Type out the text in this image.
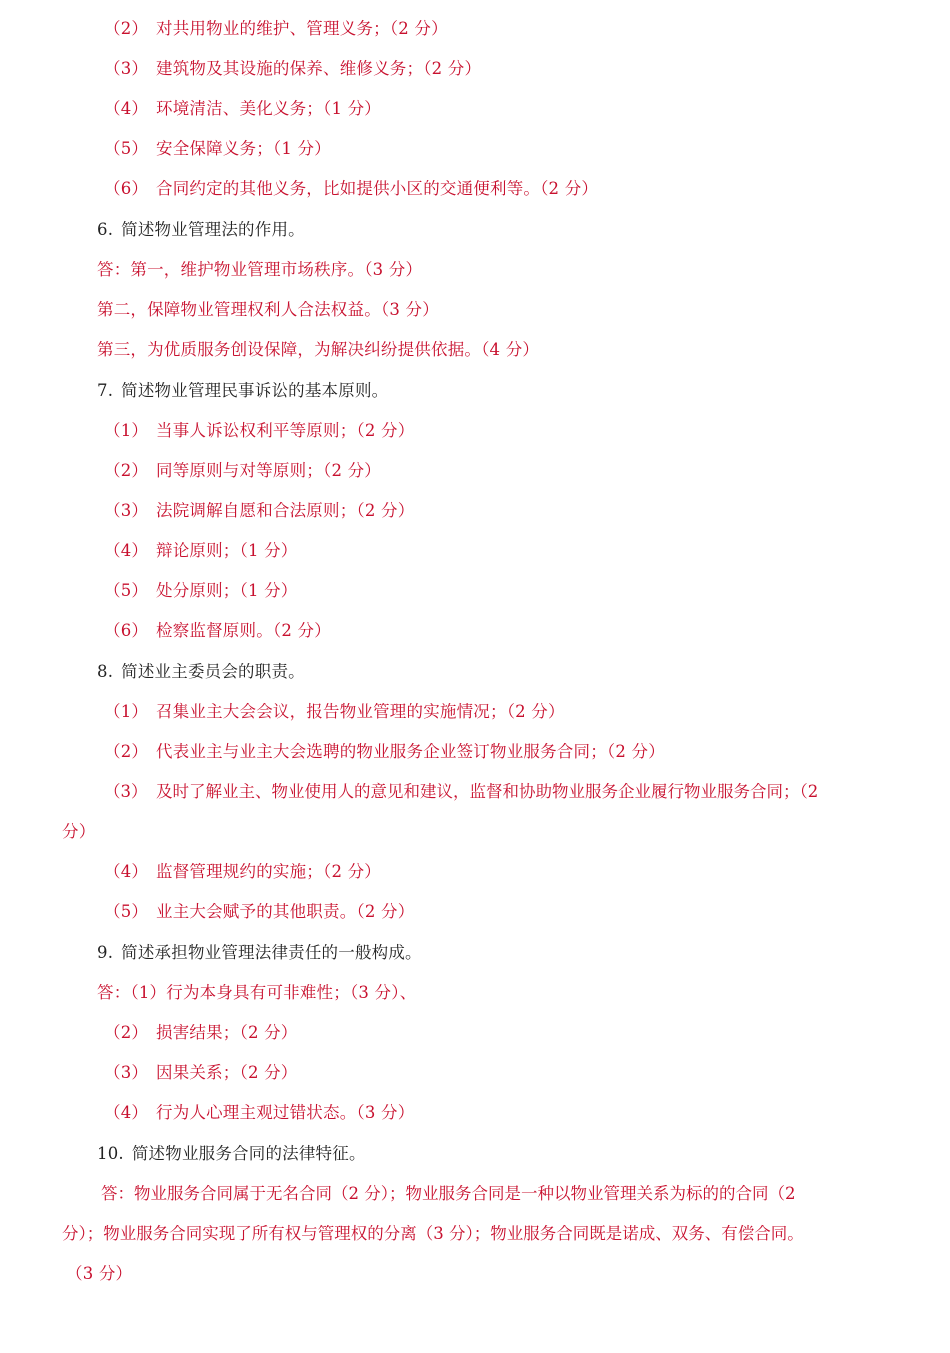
（2） 对共用物业的维护、管理义务；（2 分）
（3） 建筑物及其设施的保养、维修义务；（2 分）
（4） 环境清洁、美化义务；（1 分）
（5） 安全保障义务；（1 分）
（6） 合同约定的其他义务，比如提供小区的交通便利等。（2 分）
6. 简述物业管理法的作用。
答：第一，维护物业管理市场秩序。（3 分）
第二，保障物业管理权利人合法权益。（3 分）
第三，为优质服务创设保障，为解决纠纷提供依据。（4 分）
7. 简述物业管理民事诉讼的基本原则。
（1） 当事人诉讼权利平等原则；（2 分）
（2） 同等原则与对等原则；（2 分）
（3） 法院调解自愿和合法原则；（2 分）
（4） 辩论原则；（1 分）
（5） 处分原则；（1 分）
（6） 检察监督原则。（2 分）
8. 简述业主委员会的职责。
（1） 召集业主大会会议，报告物业管理的实施情况；（2 分）
（2） 代表业主与业主大会选聘的物业服务企业签订物业服务合同；（2 分）
（3） 及时了解业主、物业使用人的意见和建议，监督和协助物业服务企业履行物业服务合同；（2
分）
（4） 监督管理规约的实施；（2 分）
（5） 业主大会赋予的其他职责。（2 分）
9. 简述承担物业管理法律责任的一般构成。
答：（1）行为本身具有可非难性；（3 分）、
（2） 损害结果；（2 分）
（3） 因果关系；（2 分）
（4） 行为人心理主观过错状态。（3 分）
10. 简述物业服务合同的法律特征。
答：物业服务合同属于无名合同（2 分）；物业服务合同是一种以物业管理关系为标的的合同（2
分）；物业服务合同实现了所有权与管理权的分离（3 分）；物业服务合同既是诺成、双务、有偿合同。
（3 分）
